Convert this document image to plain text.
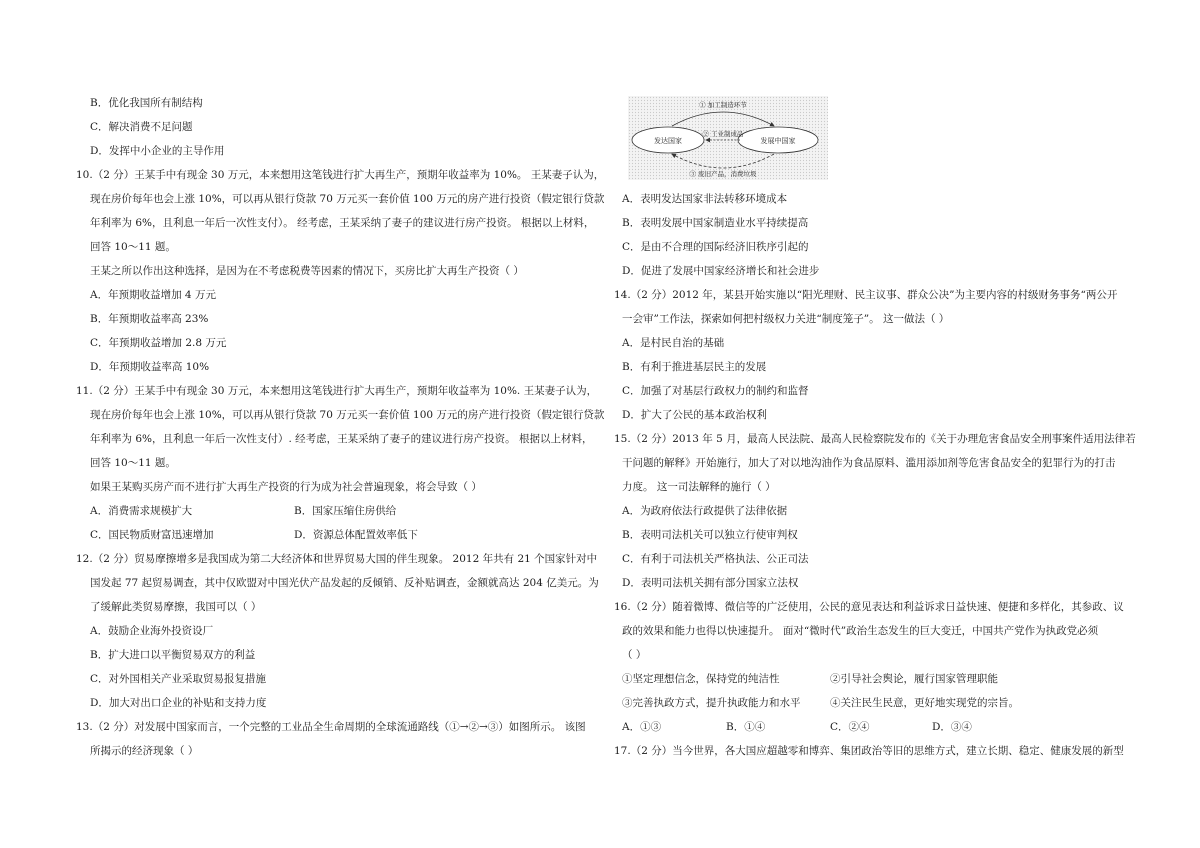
B．优化我国所有制结构
C．解决消费不足问题
D．发挥中小企业的主导作用
10.（2 分）王某手中有现金 30 万元，本来想用这笔钱进行扩大再生产，预期年收益率为 10%。 王某妻子认为，
现在房价每年也会上涨 10%，可以再从银行贷款 70 万元买一套价值 100 万元的房产进行投资（假定银行贷款
年利率为 6%，且利息一年后一次性支付）。 经考虑，王某采纳了妻子的建议进行房产投资。 根据以上材料，
回答 10～11 题。
王某之所以作出这种选择，是因为在不考虑税费等因素的情况下，买房比扩大再生产投资（ ）
A．年预期收益增加 4 万元
B．年预期收益率高 23%
C．年预期收益增加 2.8 万元
D．年预期收益率高 10%
11.（2 分）王某手中有现金 30 万元，本来想用这笔钱进行扩大再生产，预期年收益率为 10%. 王某妻子认为，
现在房价每年也会上涨 10%，可以再从银行贷款 70 万元买一套价值 100 万元的房产进行投资（假定银行贷款
年利率为 6%，且利息一年后一次性支付）. 经考虑，王某采纳了妻子的建议进行房产投资。 根据以上材料，
回答 10～11 题。
如果王某购买房产而不进行扩大再生产投资的行为成为社会普遍现象，将会导致（ ）
A．消费需求规模扩大	B．国家压缩住房供给
C．国民物质财富迅速增加	D．资源总体配置效率低下
12.（2 分）贸易摩擦增多是我国成为第二大经济体和世界贸易大国的伴生现象。 2012 年共有 21 个国家针对中
国发起 77 起贸易调查，其中仅欧盟对中国光伏产品发起的反倾销、反补贴调查，金额就高达 204 亿美元。为
了缓解此类贸易摩擦，我国可以（ ）
A．鼓励企业海外投资设厂
B．扩大进口以平衡贸易双方的利益
C．对外国相关产业采取贸易报复措施
D．加大对出口企业的补贴和支持力度
13.（2 分）对发展中国家而言，一个完整的工业品全生命周期的全球流通路线（①→②→③）如图所示。 该图
所揭示的经济现象（ ）
发达国家	发展中国家
① 加工制造环节
② 工业制成品
③ 废旧产品，消费垃圾
A．表明发达国家非法转移环境成本
B．表明发展中国家制造业水平持续提高
C．是由不合理的国际经济旧秩序引起的
D．促进了发展中国家经济增长和社会进步
14.（2 分）2012 年，某县开始实施以“阳光理财、民主议事、群众公决”为主要内容的村级财务事务“两公开
一会审”工作法，探索如何把村级权力关进“制度笼子”。 这一做法（ ）
A．是村民自治的基础
B．有利于推进基层民主的发展
C．加强了对基层行政权力的制约和监督
D．扩大了公民的基本政治权利
15.（2 分）2013 年 5 月，最高人民法院、最高人民检察院发布的《关于办理危害食品安全刑事案件适用法律若
干问题的解释》开始施行，加大了对以地沟油作为食品原料、滥用添加剂等危害食品安全的犯罪行为的打击
力度。 这一司法解释的施行（ ）
A．为政府依法行政提供了法律依据
B．表明司法机关可以独立行使审判权
C．有利于司法机关严格执法、公正司法
D．表明司法机关拥有部分国家立法权
16.（2 分）随着微博、微信等的广泛使用，公民的意见表达和利益诉求日益快速、便捷和多样化，其参政、议
政的效果和能力也得以快速提升。 面对“微时代”政治生态发生的巨大变迁，中国共产党作为执政党必须
（ ）
①坚定理想信念，保持党的纯洁性	②引导社会舆论，履行国家管理职能
③完善执政方式，提升执政能力和水平	④关注民生民意，更好地实现党的宗旨。
A．①③	B．①④	C．②④	D．③④
17.（2 分）当今世界，各大国应超越零和博弈、集团政治等旧的思维方式，建立长期、稳定、健康发展的新型
